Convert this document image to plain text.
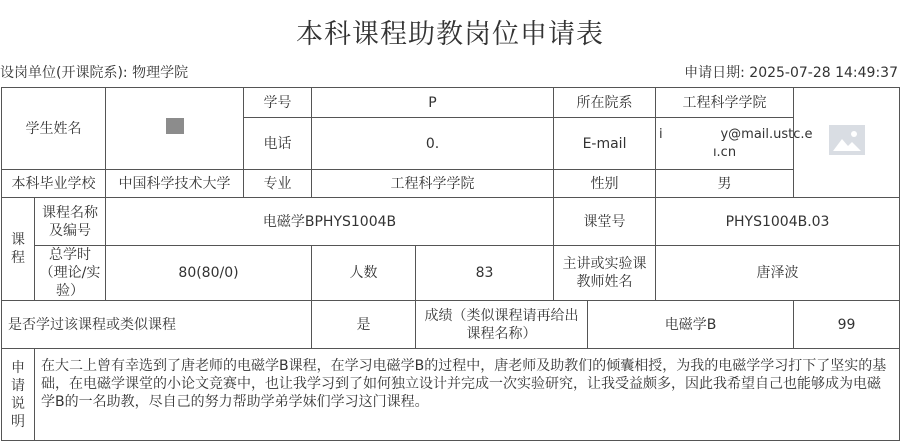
本科课程助教岗位申请表
设岗单位(开课院系): 物理学院	申请日期: 2025-07-28 14:49:37
学生姓名			学号	P		所在院系		工程科学学院	

			电话	0.		E-mail		i              y@mail.ustc.e
ı.cn	

本科毕业学校		中国科学技术大学	专业	工程科学学院		性别		男	

课程	课程名称及编号	电磁学BPHYS1004B				课堂号		PHYS1004B.03	
	总学时（理论/实验）	80(80/0)		人数	83	主讲或实验课教师姓名		唐泽波	
是否学过该课程或类似课程				是	成绩（类似课程请再给出课程名称）		电磁学B		99

申请说明	在大二上曾有幸选到了唐老师的电磁学B课程，在学习电磁学B的过程中，唐老师及助教们的倾囊相授，为我的电磁学学习打下了坚实的基础，在电磁学课堂的小论文竞赛中，也让我学习到了如何独立设计并完成一次实验研究，让我受益颇多，因此我希望自己也能够成为电磁学B的一名助教，尽自己的努力帮助学弟学妹们学习这门课程。								
